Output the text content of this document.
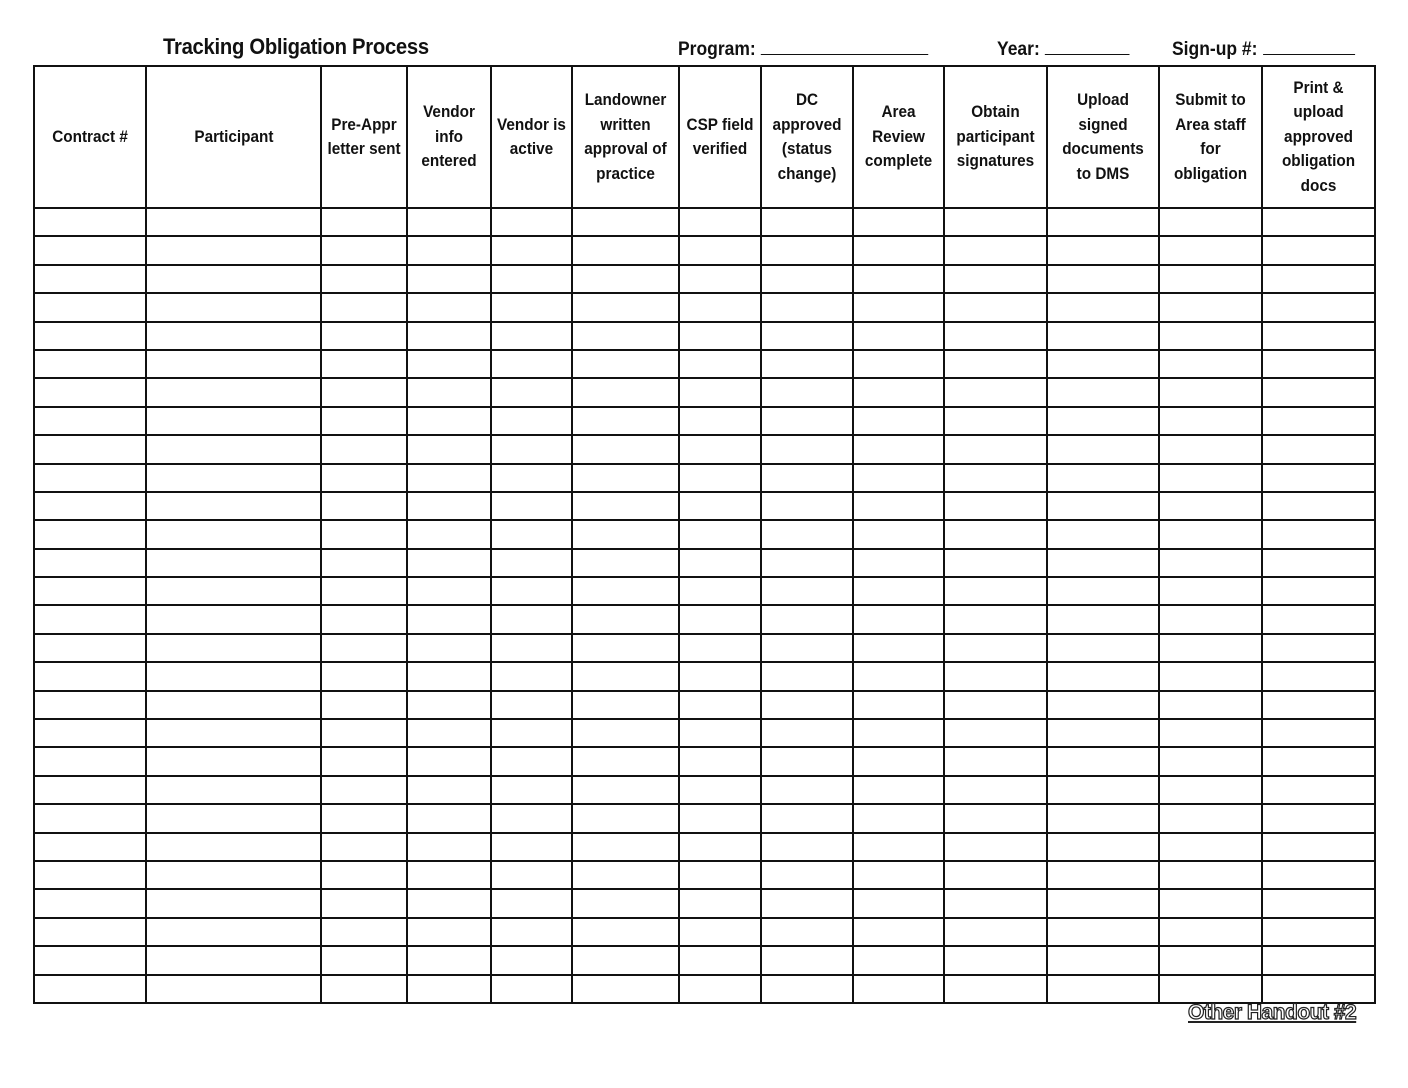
Tracking Obligation Process	Program:	Year:	Sign-up #:
Contract #	Participant	Pre-Appr letter sent	Vendor info entered	Vendor is active	Landowner written approval of practice	CSP field verified	DC approved (status change)	Area Review complete	Obtain participant signatures	Upload signed documents to DMS	Submit to Area staff for obligation	Print & upload approved obligation docs

Other Handout #2
